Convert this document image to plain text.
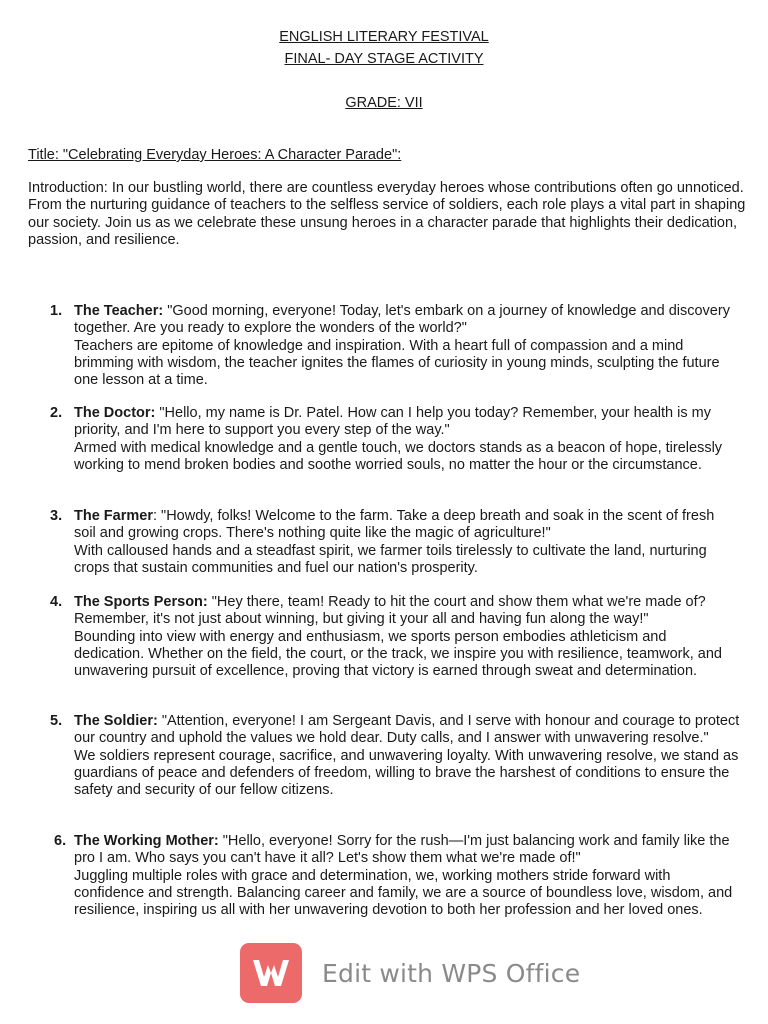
ENGLISH LITERARY FESTIVAL
FINAL- DAY STAGE ACTIVITY
GRADE: VII
Title: "Celebrating Everyday Heroes: A Character Parade":
Introduction: In our bustling world, there are countless everyday heroes whose contributions often go unnoticed. From the nurturing guidance of teachers to the selfless service of soldiers, each role plays a vital part in shaping our society. Join us as we celebrate these unsung heroes in a character parade that highlights their dedication, passion, and resilience.
1. The Teacher: "Good morning, everyone! Today, let's embark on a journey of knowledge and discovery together. Are you ready to explore the wonders of the world?"
Teachers are epitome of knowledge and inspiration. With a heart full of compassion and a mind brimming with wisdom, the teacher ignites the flames of curiosity in young minds, sculpting the future one lesson at a time.
2. The Doctor: "Hello, my name is Dr. Patel. How can I help you today? Remember, your health is my priority, and I'm here to support you every step of the way."
Armed with medical knowledge and a gentle touch, we doctors stands as a beacon of hope, tirelessly working to mend broken bodies and soothe worried souls, no matter the hour or the circumstance.
3. The Farmer: "Howdy, folks! Welcome to the farm. Take a deep breath and soak in the scent of fresh soil and growing crops. There's nothing quite like the magic of agriculture!"
With calloused hands and a steadfast spirit, we farmer toils tirelessly to cultivate the land, nurturing crops that sustain communities and fuel our nation's prosperity.
4. The Sports Person: "Hey there, team! Ready to hit the court and show them what we're made of? Remember, it's not just about winning, but giving it your all and having fun along the way!"
Bounding into view with energy and enthusiasm, we sports person embodies athleticism and dedication. Whether on the field, the court, or the track, we inspire you with resilience, teamwork, and unwavering pursuit of excellence, proving that victory is earned through sweat and determination.
5. The Soldier: "Attention, everyone! I am Sergeant Davis, and I serve with honour and courage to protect our country and uphold the values we hold dear. Duty calls, and I answer with unwavering resolve."
We soldiers represent courage, sacrifice, and unwavering loyalty. With unwavering resolve, we stand as guardians of peace and defenders of freedom, willing to brave the harshest of conditions to ensure the safety and security of our fellow citizens.
6. The Working Mother: "Hello, everyone! Sorry for the rush—I'm just balancing work and family like the pro I am. Who says you can't have it all? Let's show them what we're made of!"
Juggling multiple roles with grace and determination, we, working mothers stride forward with confidence and strength. Balancing career and family, we are a source of boundless love, wisdom, and resilience, inspiring us all with her unwavering devotion to both her profession and her loved ones.
Edit with WPS Office
